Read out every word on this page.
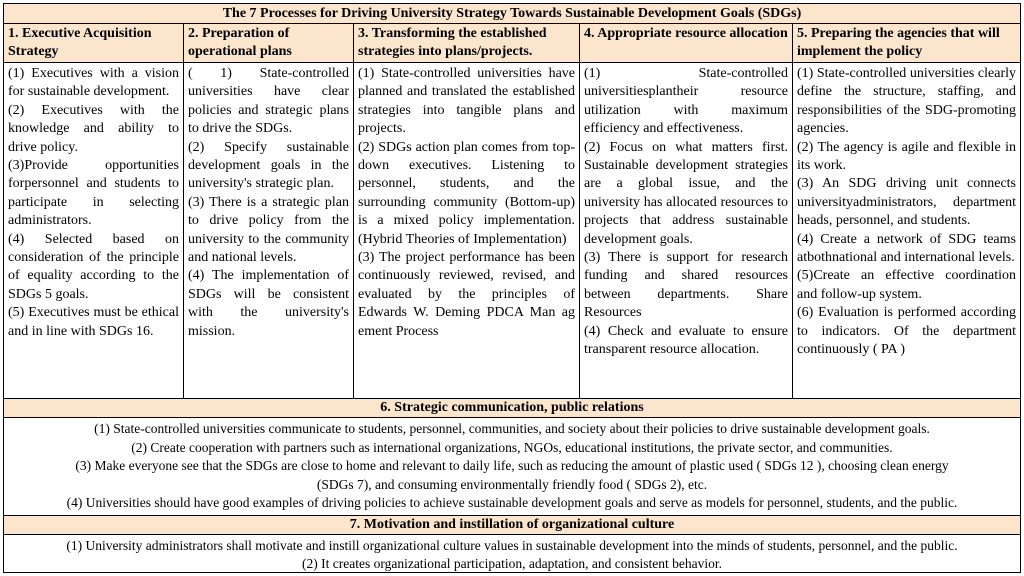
The 7 Processes for Driving University Strategy Towards Sustainable Development Goals (SDGs)
1. Executive Acquisition Strategy

(1) Executives with a vision for sustainable development.

(2) Executives with the knowledge and ability to drive policy.

(3)Provide opportunities forpersonnel and students to participate in selecting administrators.

(4) Selected based on consideration of the principle of equality according to the SDGs 5 goals.

(5) Executives must be ethical and in line with SDGs 16.

2. Preparation of operational plans

( 1) State-controlled universities have clear policies and strategic plans to drive the SDGs.

(2) Specify sustainable development goals in the university's strategic plan.

(3) There is a strategic plan to drive policy from the university to the community and national levels.

(4) The implementation of SDGs will be consistent with the university's mission.

3. Transforming the established strategies into plans/projects.

(1) State-controlled universities have planned and translated the established strategies into tangible plans and projects.

(2) SDGs action plan comes from top-down executives. Listening to personnel, students, and the surrounding community (Bottom-up) is a mixed policy implementation. (Hybrid Theories of Implementation)

(3) The project performance has been continuously reviewed, revised, and evaluated by the principles of Edwards W. Deming PDCA Man ag ement Process

4. Appropriate resource allocation

(1) State-controlled universitiesplantheir resource utilization with maximum efficiency and effectiveness.

(2) Focus on what matters first. Sustainable development strategies are a global issue, and the university has allocated resources to projects that address sustainable development goals.

(3) There is support for research funding and shared resources between departments. Share Resources

(4) Check and evaluate to ensure transparent resource allocation.

5. Preparing the agencies that will implement the policy

(1) State-controlled universities clearly define the structure, staffing, and responsibilities of the SDG-promoting agencies.

(2) The agency is agile and flexible in its work.

(3) An SDG driving unit connects universityadministrators, department heads, personnel, and students.

(4) Create a network of SDG teams atbothnational and international levels.

(5)Create an effective coordination and follow-up system.

(6) Evaluation is performed according to indicators. Of the department continuously ( PA )

6. Strategic communication, public relations

(1) State-controlled universities communicate to students, personnel, communities, and society about their policies to drive sustainable development goals.

(2) Create cooperation with partners such as international organizations, NGOs, educational institutions, the private sector, and communities.

(3) Make everyone see that the SDGs are close to home and relevant to daily life, such as reducing the amount of plastic used ( SDGs 12 ), choosing clean energy (SDGs 7), and consuming environmentally friendly food ( SDGs 2), etc.

(4) Universities should have good examples of driving policies to achieve sustainable development goals and serve as models for personnel, students, and the public.

7. Motivation and instillation of organizational culture

(1) University administrators shall motivate and instill organizational culture values in sustainable development into the minds of students, personnel, and the public.

(2) It creates organizational participation, adaptation, and consistent behavior.
